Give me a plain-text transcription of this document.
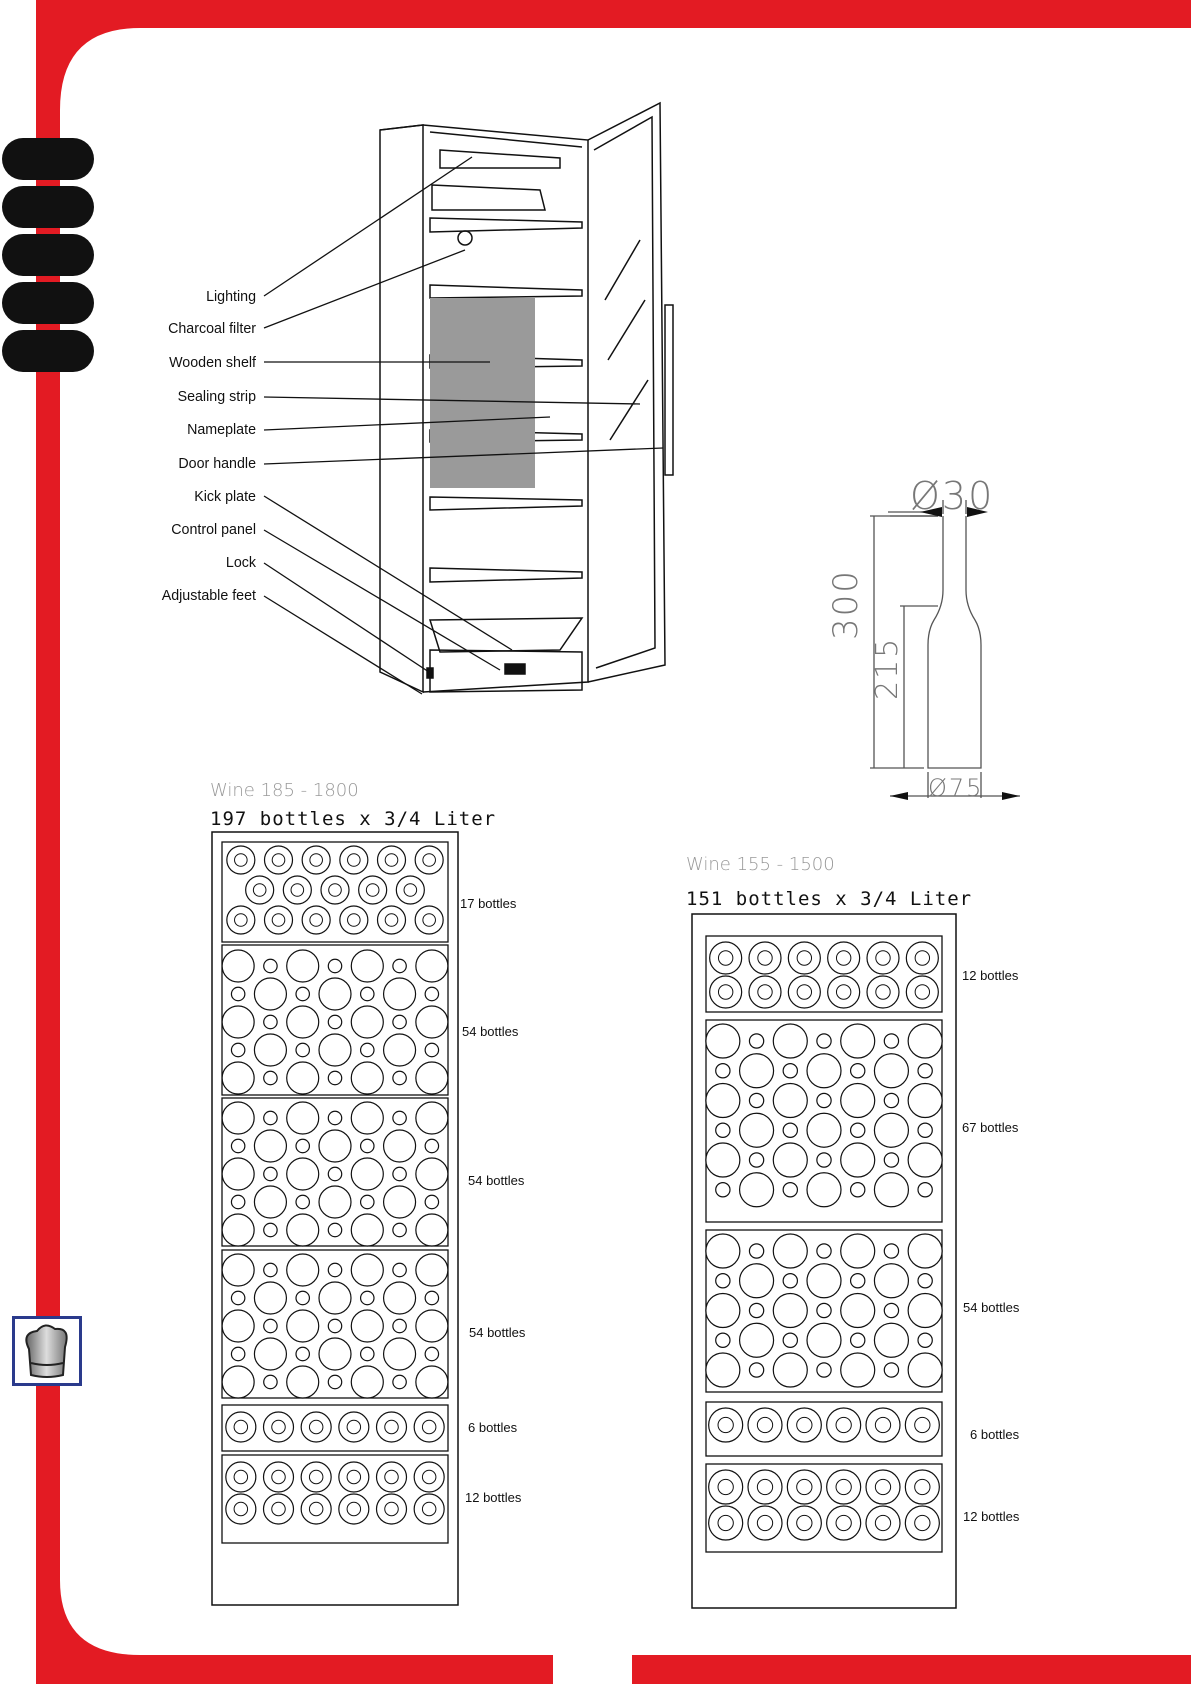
Lighting
Charcoal filter
Wooden shelf
Sealing strip
Nameplate
Door handle
Kick plate
Control panel
Lock
Adjustable feet
Ø30
300
215
Ø75
Wine 185 - 1800
197 bottles x 3/4 Liter
17 bottles
54 bottles
54 bottles
54 bottles
6 bottles
12 bottles
Wine 155 - 1500
151 bottles x 3/4 Liter
12 bottles
67 bottles
54 bottles
6 bottles
12 bottles
